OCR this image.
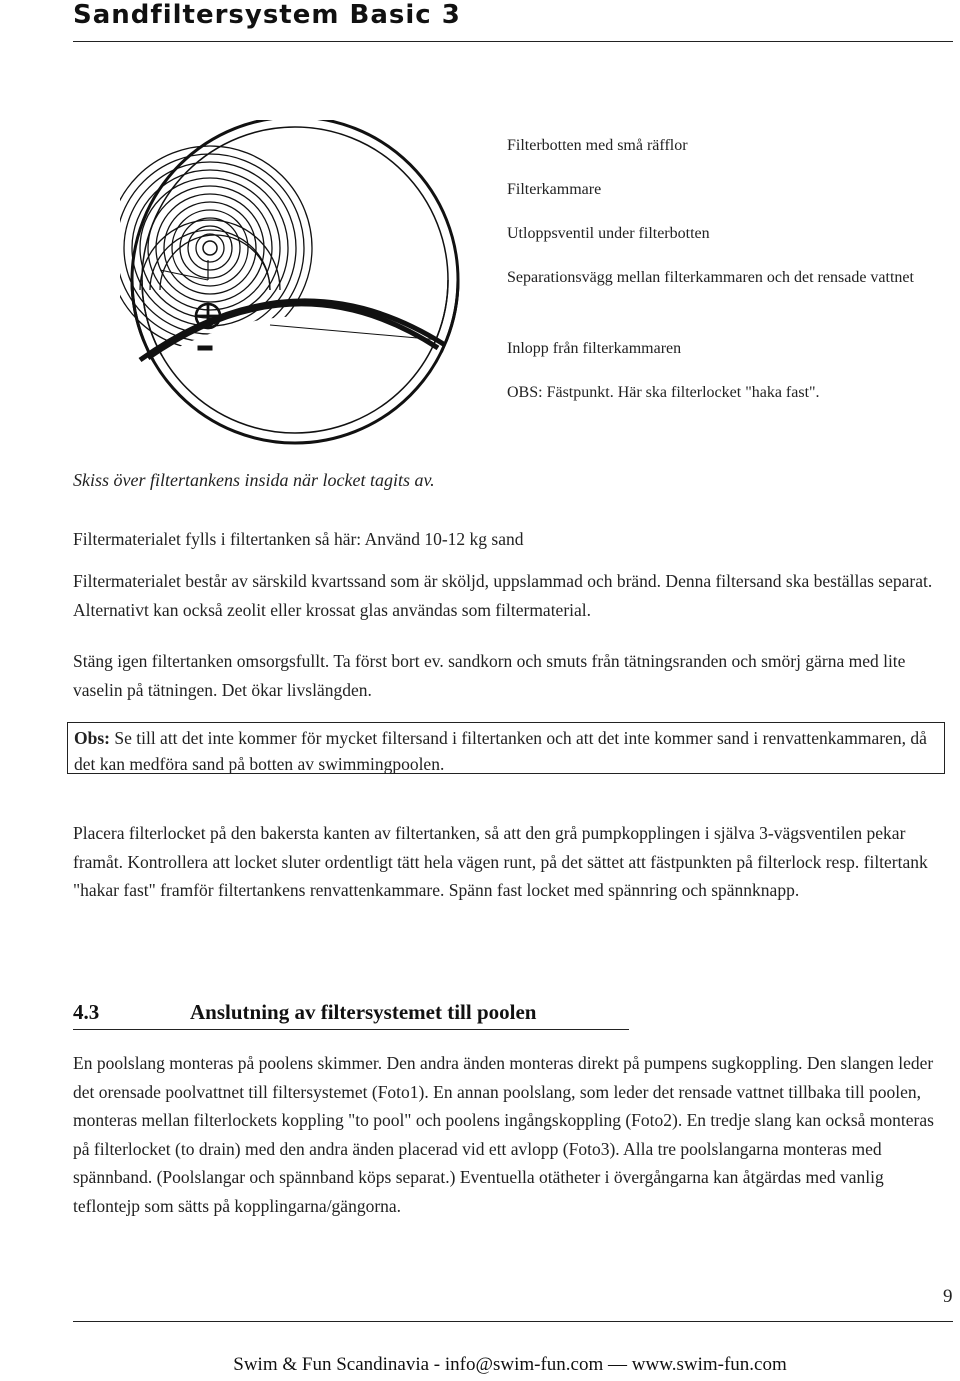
Sandfiltersystem Basic 3
Filterbotten med små räfflor
Filterkammare
Utloppsventil under filterbotten
Separationsvägg mellan filterkammaren och det rensade vattnet
Inlopp från filterkammaren
OBS: Fästpunkt. Här ska filterlocket "haka fast".
Skiss över filtertankens insida när locket tagits av.
Filtermaterialet fylls i filtertanken så här: Använd 10-12 kg sand
Filtermaterialet består av särskild kvartssand som är sköljd, uppslammad och bränd. Denna filtersand ska beställas separat. Alternativt kan också zeolit eller krossat glas användas som filtermaterial.
Stäng igen filtertanken omsorgsfullt. Ta först bort ev. sandkorn och smuts från tätningsranden och smörj gärna med lite vaselin på tätningen. Det ökar livslängden.
Obs: Se till att det inte kommer för mycket filtersand i filtertanken och att det inte kommer sand i renvattenkammaren, då det kan medföra sand på botten av swimmingpoolen.
Placera filterlocket på den bakersta kanten av filtertanken, så att den grå pumpkopplingen i själva 3-vägsventilen pekar framåt. Kontrollera att locket sluter ordentligt tätt hela vägen runt, på det sättet att fästpunkten på filterlock resp. filtertank "hakar fast" framför filtertankens renvattenkammare. Spänn fast locket med spännring och spännknapp.
4.3	Anslutning av filtersystemet till poolen
En poolslang monteras på poolens skimmer. Den andra änden monteras direkt på pumpens sugkoppling. Den slangen leder det orensade poolvattnet till filtersystemet (Foto1). En annan poolslang, som leder det rensade vattnet tillbaka till poolen, monteras mellan filterlockets koppling "to pool" och poolens ingångskoppling (Foto2). En tredje slang kan också monteras på filterlocket (to drain) med den andra änden placerad vid ett avlopp (Foto3). Alla tre poolslangarna monteras med spännband. (Poolslangar och spännband köps separat.) Eventuella otätheter i övergångarna kan åtgärdas med vanlig teflontejp som sätts på kopplingarna/gängorna.
9
Swim & Fun Scandinavia - info@swim-fun.com — www.swim-fun.com
